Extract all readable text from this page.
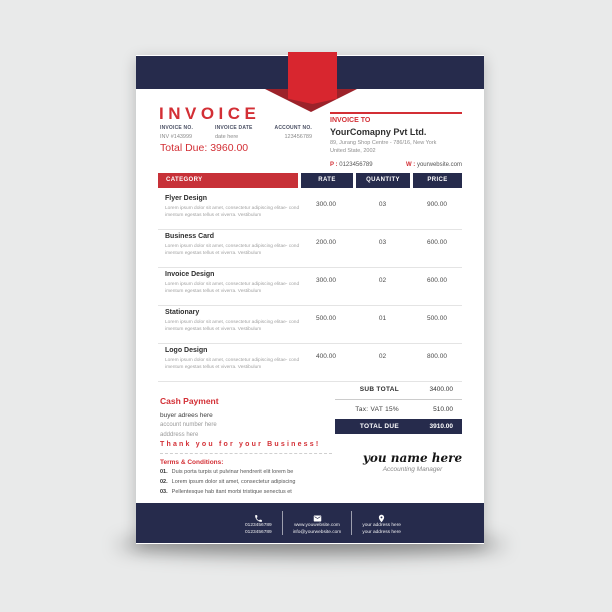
INVOICE
INVOICE NO.
INV #143999
INVOICE DATE
date here
ACCOUNT NO.
123456789
Total Due: 3960.00
INVOICE TO
YourComapny Pvt Ltd.
89, Jurang Shop Centre - 786/16, New York
United State, 2002
P : 0123456789	W : yourwebsite.com
CATEGORY	RATE	QUANTITY	PRICE
Flyer Design
Lorem ipsum dolor sit amet, consectetur adipiscing elitae- cond imentum egestas tellus et viverra. Vestibulum
300.00	03	900.00
Business Card
Lorem ipsum dolor sit amet, consectetur adipiscing elitae- cond imentum egestas tellus et viverra. Vestibulum
200.00	03	600.00
Invoice Design
Lorem ipsum dolor sit amet, consectetur adipiscing elitae- cond imentum egestas tellus et viverra. Vestibulum
300.00	02	600.00
Stationary
Lorem ipsum dolor sit amet, consectetur adipiscing elitae- cond imentum egestas tellus et viverra. Vestibulum
500.00	01	500.00
Logo Design
Lorem ipsum dolor sit amet, consectetur adipiscing elitae- cond imentum egestas tellus et viverra. Vestibulum
400.00	02	800.00
SUB TOTAL	3400.00
Tax: VAT 15%	510.00
TOTAL DUE	3910.00
Cash Payment
buyer adrees here
account number here
adddress here
Thank you for your Business!
Terms & Conditions:
01. Duis porta turpis ut pulvinar hendrerit elit lorem be
02. Lorem ipsum dolor sit amet, consectetur adipiscing
03. Pellentesque hab itant morbi tristique senectus et
you name here
Accounting Manager
0123456789
0123456789
www.youwebsite.com
info@yourwebsite.com
your address here
your address here
